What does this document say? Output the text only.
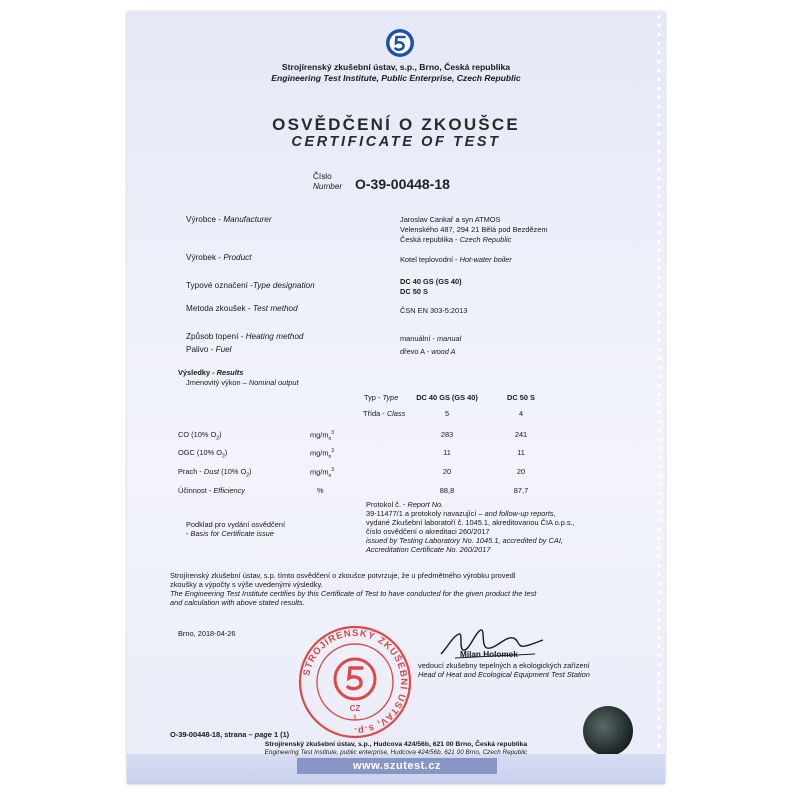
Strojírenský zkušební ústav, s.p., Brno, Česká republika
Engineering Test Institute, Public Enterprise, Czech Republic
OSVĚDČENÍ O ZKOUŠCE
CERTIFICATE OF TEST
Číslo
Number O-39-00448-18
Výrobce - Manufacturer	Jaroslav Cankař a syn ATMOS
Velenského 487, 294 21 Bělá pod Bezdězem
Česká republika - Czech Republic
Výrobek - Product	Kotel teplovodní - Hot-water boiler
Typové označení -Type designation	DC 40 GS (GS 40)
DC 50 S
Metoda zkoušek - Test method	ČSN EN 303-5:2013
Způsob topení - Heating method	manuální - manual
Palivo - Fuel	dřevo A - wood A
Výsledky - Results
Jmenovitý výkon – Nominal output
Typ - Type	DC 40 GS (GS 40)	DC 50 S
Třída - Class	5	4
CO (10% $O_2$)	$mg/m_n^3$	283	241
OGC (10% $O_2$)	$mg/m_n^3$	11	11
Prach - Dust (10% $O_2$)	$mg/m_n^3$	20	20
Účinnost - Efficiency	%	88,8	87,7
Protokol č. - Report No.
39-11477/1 a protokoly navazující – and follow-up reports,
vydané Zkušební laboratoří č. 1045.1, akreditovanou ČIA o.p.s.,
číslo osvědčení o akreditaci 260/2017
issued by Testing Laboratory No. 1045.1, accredited by CAI,
Accreditation Certificate No. 260/2017
Podklad pro vydání osvědčení
- Basis for Certificate issue
Strojírenský zkušební ústav, s.p. tímto osvědčení o zkoušce potvrzuje, že u předmětného výrobku provedl
zkoušky a výpočty s výše uvedenými výsledky.
The Engineering Test Institute certifies by this Certificate of Test to have conducted for the given product the test
and calculation with above stated results.
Brno, 2018-04-26
STROJÍRENSKÝ ZKUŠEBNÍ ÚSTAV, s.p.
CZ
1
Milan Holomek
vedoucí zkušebny tepelných a ekologických zařízení
Head of Heat and Ecological Equipment Test Station
O-39-00448-18, strana – page 1 (1)
Strojírenský zkušební ústav, s.p., Hudcova 424/56b, 621 00 Brno, Česká republika
Engineering Test Institute, public enterprise, Hudcova 424/56b, 621 00 Brno, Czech Republic
www.szutest.cz
